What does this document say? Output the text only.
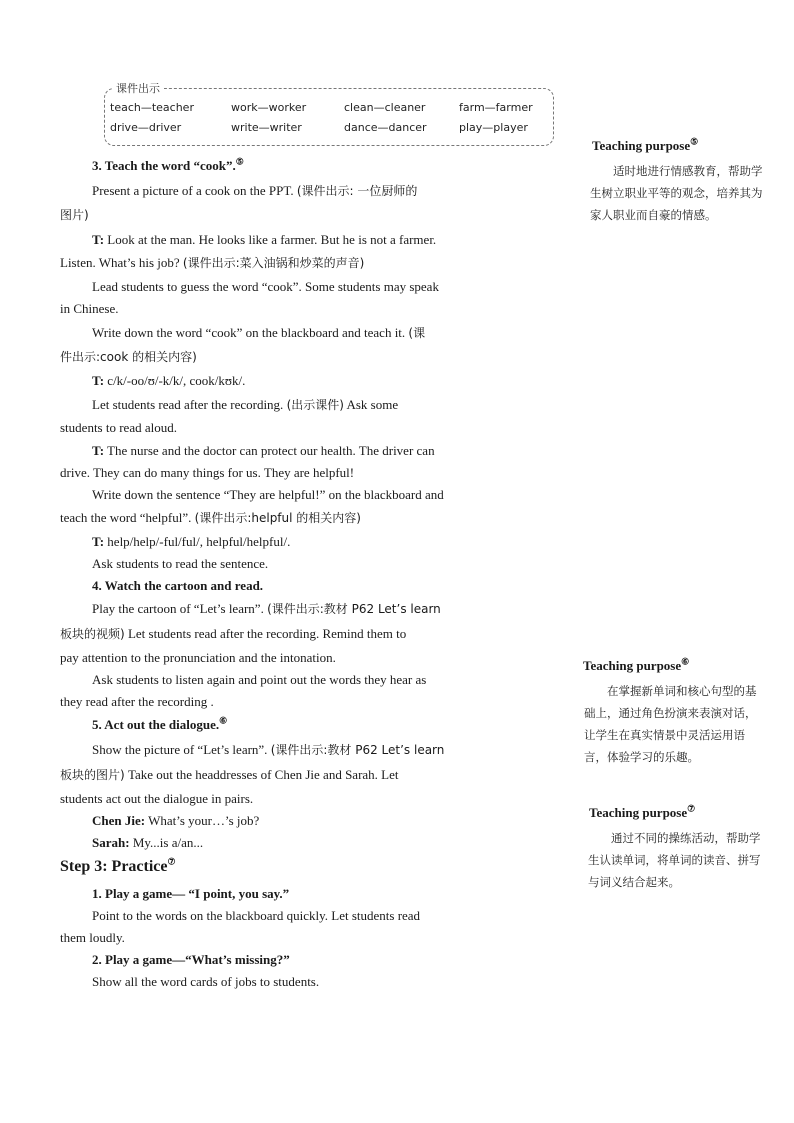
课件出示
teach—teacher	work—worker	clean—cleaner	farm—farmer
drive—driver	write—writer	dance—dancer	play—player
3. Teach the word “cook”.⑤
Present a picture of a cook on the PPT. (课件出示: 一位厨师的
图片)
T: Look at the man. He looks like a farmer. But he is not a farmer.
Listen. What’s his job? (课件出示:菜入油锅和炒菜的声音)
Lead students to guess the word “cook”. Some students may speak
in Chinese.
Write down the word “cook” on the blackboard and teach it. (课
件出示:cook 的相关内容)
T: c/k/-oo/ʊ/-k/k/, cook/kʊk/.
Let students read after the recording. (出示课件) Ask some
students to read aloud.
T: The nurse and the doctor can protect our health. The driver can
drive. They can do many things for us. They are helpful!
Write down the sentence “They are helpful!” on the blackboard and
teach the word “helpful”. (课件出示:helpful 的相关内容)
T: help/help/-ful/ful/, helpful/helpful/.
Ask students to read the sentence.
4. Watch the cartoon and read.
Play the cartoon of “Let’s learn”. (课件出示:教材 P62 Let’s learn
板块的视频) Let students read after the recording. Remind them to
pay attention to the pronunciation and the intonation.
Ask students to listen again and point out the words they hear as
they read after the recording .
5. Act out the dialogue.⑥
Show the picture of “Let’s learn”. (课件出示:教材 P62 Let’s learn
板块的图片) Take out the headdresses of Chen Jie and Sarah. Let
students act out the dialogue in pairs.
Chen Jie: What’s your…’s job?
Sarah: My...is a/an...
Step 3: Practice⑦
1. Play a game— “I point, you say.”
Point to the words on the blackboard quickly. Let students read
them loudly.
2. Play a game—“What’s missing?”
Show all the word cards of jobs to students.
Teaching purpose⑤
适时地进行情感教育，帮助学生树立职业平等的观念，培养其为家人职业而自豪的情感。
Teaching purpose⑥
在掌握新单词和核心句型的基础上，通过角色扮演来表演对话，让学生在真实情景中灵活运用语言，体验学习的乐趣。
Teaching purpose⑦
通过不同的操练活动，帮助学生认读单词，将单词的读音、拼写与词义结合起来。
